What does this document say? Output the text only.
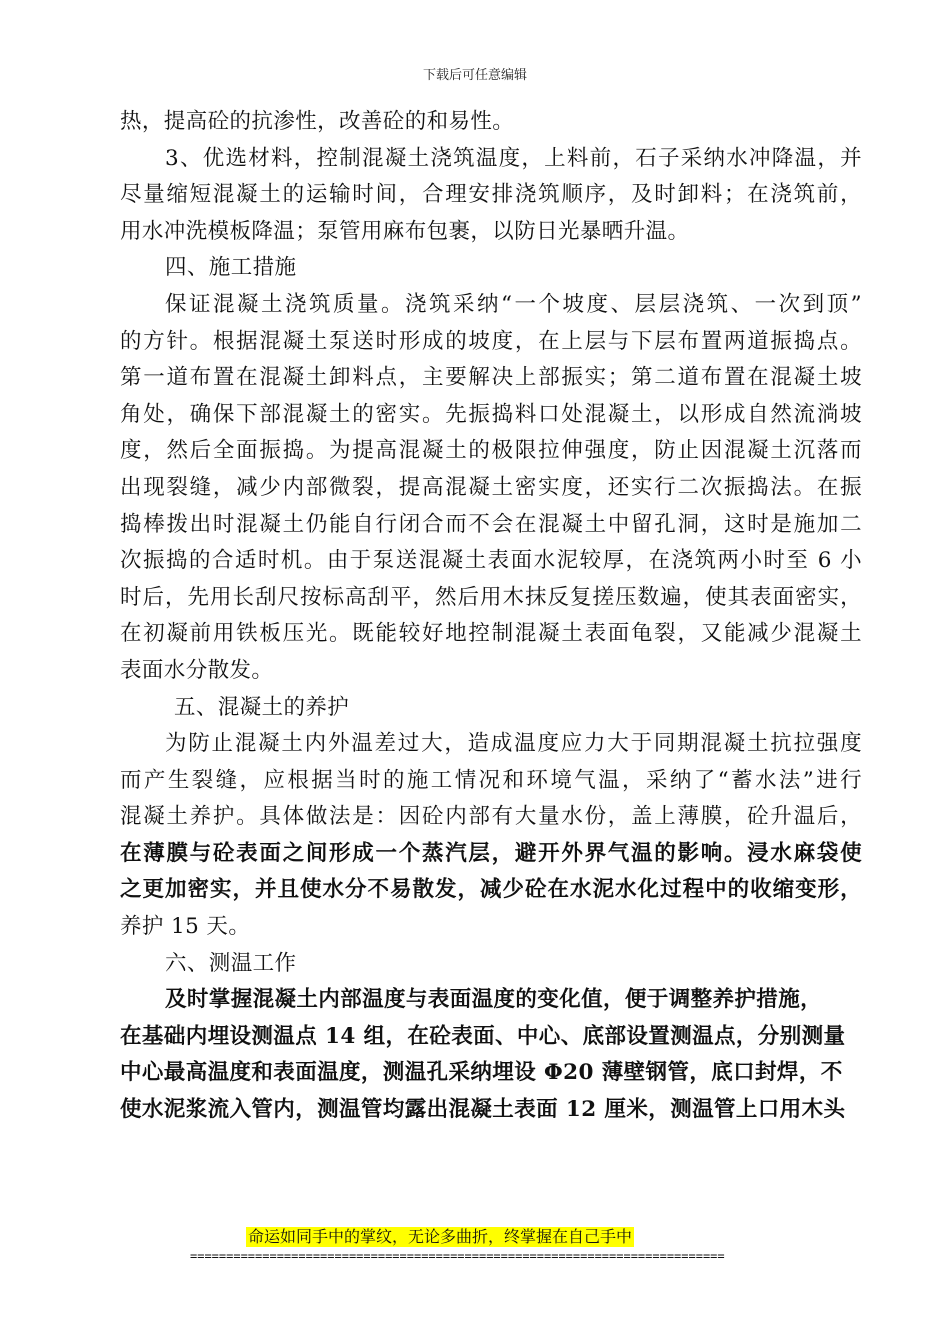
下载后可任意编辑
热，提高砼的抗渗性，改善砼的和易性。
3、优选材料，控制混凝土浇筑温度，上料前，石子采纳水冲降温，并
尽量缩短混凝土的运输时间，合理安排浇筑顺序，及时卸料；在浇筑前，
用水冲洗模板降温；泵管用麻布包裹，以防日光暴晒升温。
四、施工措施
保证混凝土浇筑质量。浇筑采纳“一个坡度、层层浇筑、一次到顶”
的方针。根据混凝土泵送时形成的坡度，在上层与下层布置两道振捣点。
第一道布置在混凝土卸料点，主要解决上部振实；第二道布置在混凝土坡
角处，确保下部混凝土的密实。先振捣料口处混凝土，以形成自然流淌坡
度，然后全面振捣。为提高混凝土的极限拉伸强度，防止因混凝土沉落而
出现裂缝，减少内部微裂，提高混凝土密实度，还实行二次振捣法。在振
捣棒拨出时混凝土仍能自行闭合而不会在混凝土中留孔洞，这时是施加二
次振捣的合适时机。由于泵送混凝土表面水泥较厚，在浇筑两小时至 6 小
时后，先用长刮尺按标高刮平，然后用木抹反复搓压数遍，使其表面密实，
在初凝前用铁板压光。既能较好地控制混凝土表面龟裂，又能减少混凝土
表面水分散发。
五、混凝土的养护
为防止混凝土内外温差过大，造成温度应力大于同期混凝土抗拉强度
而产生裂缝，应根据当时的施工情况和环境气温，采纳了“蓄水法”进行
混凝土养护。具体做法是：因砼内部有大量水份，盖上薄膜，砼升温后，
在薄膜与砼表面之间形成一个蒸汽层，避开外界气温的影响。浸水麻袋使
之更加密实，并且使水分不易散发，减少砼在水泥水化过程中的收缩变形，
养护 15 天。
六、测温工作
及时掌握混凝土内部温度与表面温度的变化值，便于调整养护措施，
在基础内埋设测温点 14 组，在砼表面、中心、底部设置测温点，分别测量
中心最高温度和表面温度，测温孔采纳埋设 Φ20 薄壁钢管，底口封焊，不
使水泥浆流入管内，测温管均露出混凝土表面 12 厘米，测温管上口用木头
命运如同手中的掌纹，无论多曲折，终掌握在自己手中
==========================================================================
